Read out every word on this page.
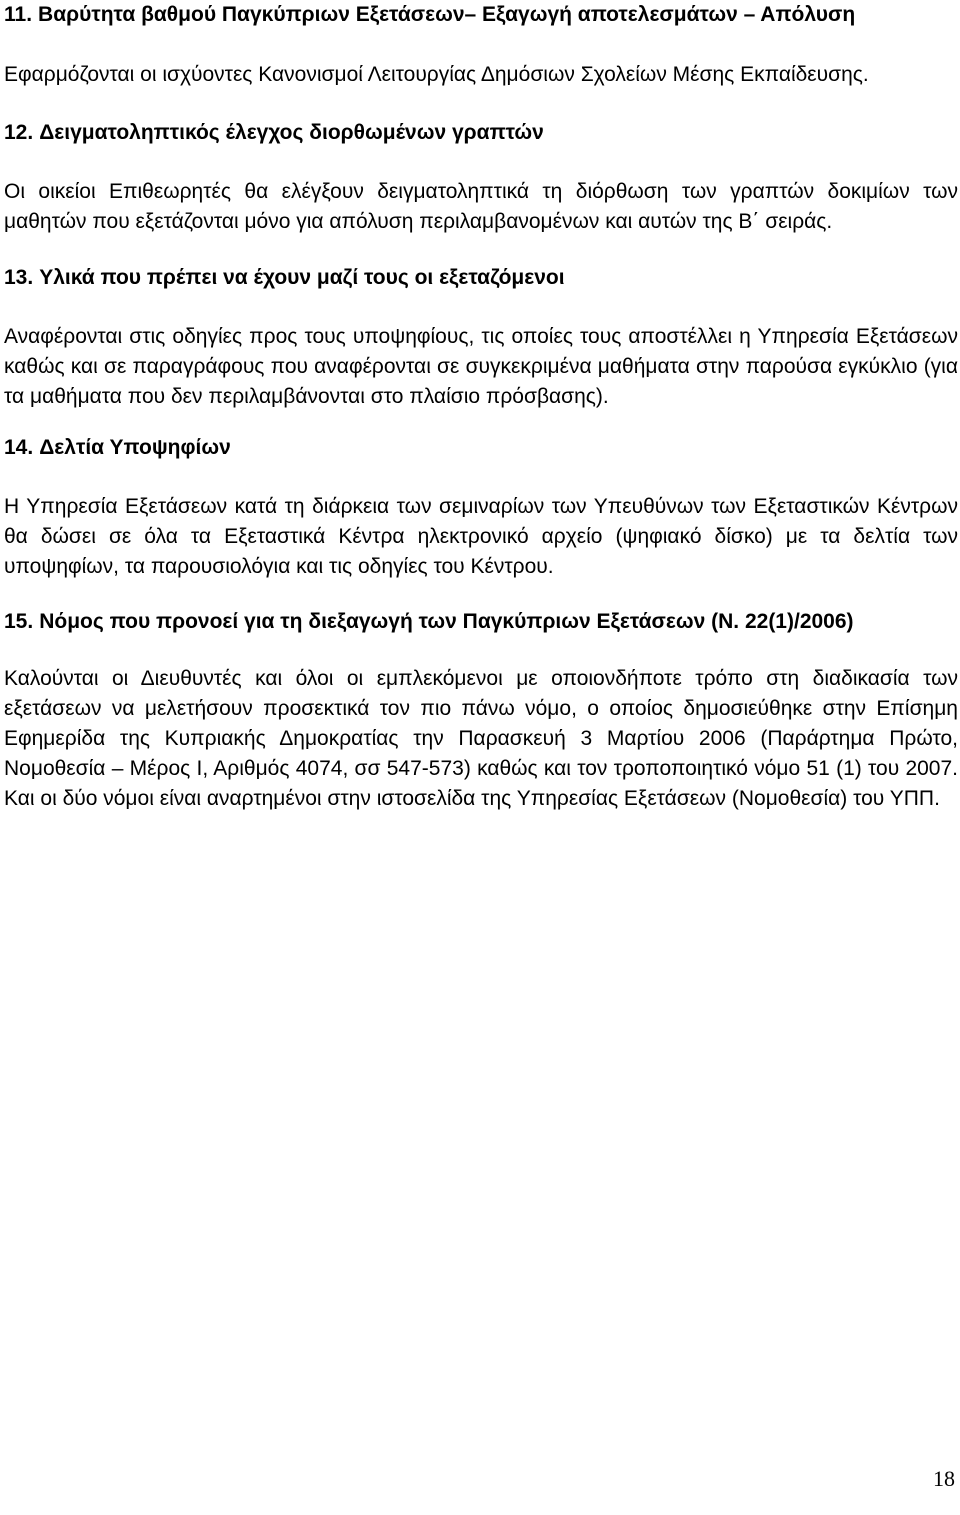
11. Βαρύτητα βαθμού Παγκύπριων Εξετάσεων– Εξαγωγή αποτελεσμάτων – Απόλυση

Εφαρμόζονται οι ισχύοντες Κανονισμοί Λειτουργίας Δημόσιων Σχολείων Μέσης Εκπαίδευσης.

12. Δειγματοληπτικός έλεγχος διορθωμένων γραπτών

Οι οικείοι Επιθεωρητές θα ελέγξουν δειγματοληπτικά τη διόρθωση των γραπτών δοκιμίων των μαθητών που εξετάζονται μόνο για απόλυση περιλαμβανομένων και αυτών της Β΄ σειράς.

13. Υλικά που πρέπει να έχουν μαζί τους οι εξεταζόμενοι

Αναφέρονται στις οδηγίες προς τους υποψηφίους, τις οποίες τους αποστέλλει η Υπηρεσία Εξετάσεων καθώς και σε παραγράφους που αναφέρονται σε συγκεκριμένα μαθήματα στην παρούσα εγκύκλιο (για τα μαθήματα που δεν περιλαμβάνονται στο πλαίσιο πρόσβασης).

14. Δελτία Υποψηφίων

Η Υπηρεσία Εξετάσεων κατά τη διάρκεια των σεμιναρίων των Υπευθύνων των Εξεταστικών Κέντρων θα δώσει σε όλα τα Εξεταστικά Κέντρα ηλεκτρονικό αρχείο (ψηφιακό δίσκο) με τα δελτία των υποψηφίων, τα παρουσιολόγια και τις οδηγίες του Κέντρου.

15. Νόμος που προνοεί για τη διεξαγωγή των Παγκύπριων Εξετάσεων (Ν. 22(1)/2006)

Καλούνται οι Διευθυντές και όλοι οι εμπλεκόμενοι με οποιονδήποτε τρόπο στη διαδικασία των εξετάσεων να μελετήσουν προσεκτικά τον πιο πάνω νόμο, ο οποίος δημοσιεύθηκε στην Επίσημη Εφημερίδα της Κυπριακής Δημοκρατίας την Παρασκευή 3 Μαρτίου 2006 (Παράρτημα Πρώτο, Νομοθεσία – Μέρος Ι, Αριθμός 4074, σσ 547-573) καθώς και τον τροποποιητικό νόμο 51 (1) του 2007. Και οι δύο νόμοι είναι αναρτημένοι στην ιστοσελίδα της Υπηρεσίας Εξετάσεων (Νομοθεσία) του ΥΠΠ.

18
